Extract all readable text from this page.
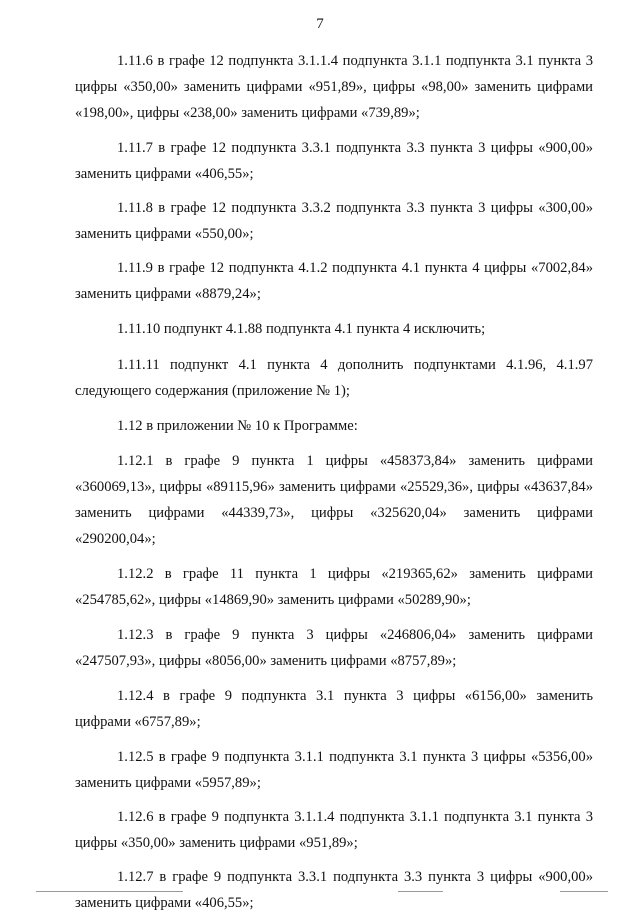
7

1.11.6 в графе 12 подпункта 3.1.1.4 подпункта 3.1.1 подпункта 3.1 пункта 3 цифры «350,00» заменить цифрами «951,89», цифры «98,00» заменить цифрами «198,00», цифры «238,00» заменить цифрами «739,89»;

1.11.7 в графе 12 подпункта 3.3.1 подпункта 3.3 пункта 3 цифры «900,00» заменить цифрами «406,55»;

1.11.8 в графе 12 подпункта 3.3.2 подпункта 3.3 пункта 3 цифры «300,00» заменить цифрами «550,00»;

1.11.9 в графе 12 подпункта 4.1.2 подпункта 4.1 пункта 4 цифры «7002,84» заменить цифрами «8879,24»;

1.11.10 подпункт 4.1.88 подпункта 4.1 пункта 4 исключить;

1.11.11 подпункт 4.1 пункта 4 дополнить подпунктами 4.1.96, 4.1.97 следующего содержания (приложение № 1);

1.12 в приложении № 10 к Программе:

1.12.1 в графе 9 пункта 1 цифры «458373,84» заменить цифрами «360069,13», цифры «89115,96» заменить цифрами «25529,36», цифры «43637,84» заменить цифрами «44339,73», цифры «325620,04» заменить цифрами «290200,04»;

1.12.2 в графе 11 пункта 1 цифры «219365,62» заменить цифрами «254785,62», цифры «14869,90» заменить цифрами «50289,90»;

1.12.3 в графе 9 пункта 3 цифры «246806,04» заменить цифрами «247507,93», цифры «8056,00» заменить цифрами «8757,89»;

1.12.4 в графе 9 подпункта 3.1 пункта 3 цифры «6156,00» заменить цифрами «6757,89»;

1.12.5 в графе 9 подпункта 3.1.1 подпункта 3.1 пункта 3 цифры «5356,00» заменить цифрами «5957,89»;

1.12.6 в графе 9 подпункта 3.1.1.4 подпункта 3.1.1 подпункта 3.1 пункта 3 цифры «350,00» заменить цифрами «951,89»;

1.12.7 в графе 9 подпункта 3.3.1 подпункта 3.3 пункта 3 цифры «900,00» заменить цифрами «406,55»;
